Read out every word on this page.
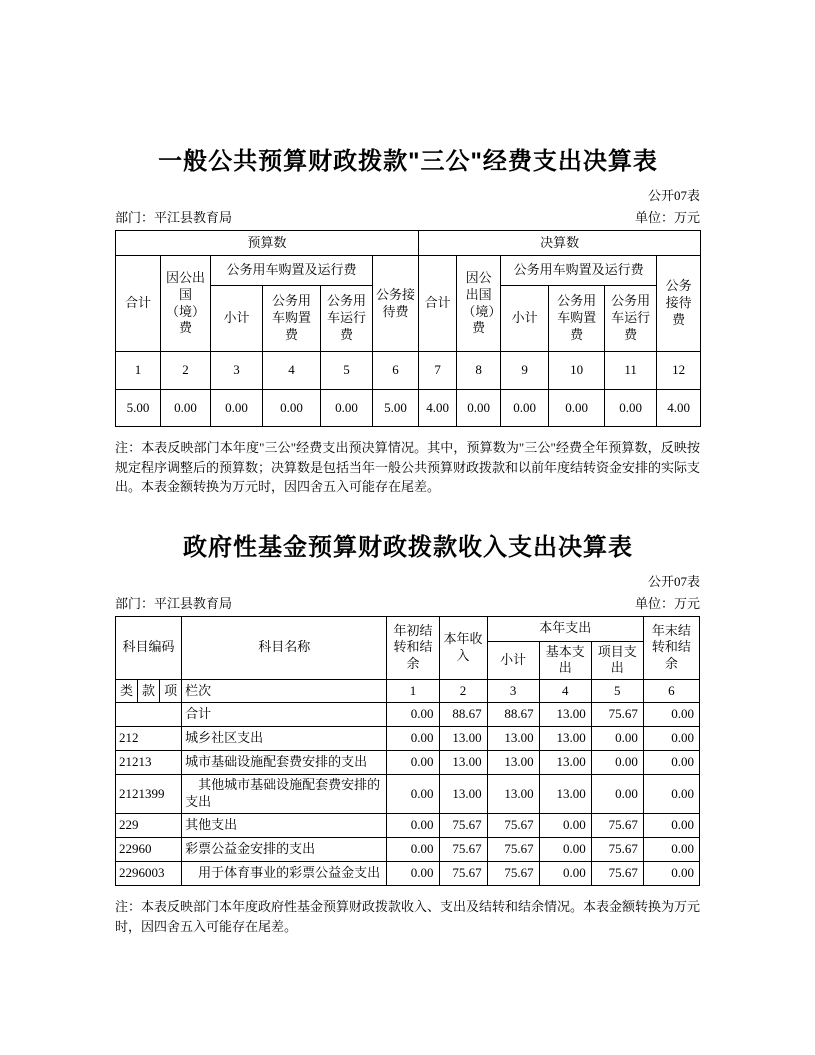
一般公共预算财政拨款"三公"经费支出决算表
公开07表
部门：平江县教育局	单位：万元
预算数						决算数					
合计	因公出国（境）费	公务用车购置及运行费			公务接待费	合计	因公出国（境）费	公务用车购置及运行费			公务接待费
		小计	公务用车购置费	公务用车运行费				小计	公务用车购置费	公务用车运行费	
1	2	3	4	5	6	7	8	9	10	11	12
5.00	0.00	0.00	0.00	0.00	5.00	4.00	0.00	0.00	0.00	0.00	4.00

注：本表反映部门本年度"三公"经费支出预决算情况。其中，预算数为"三公"经费全年预算数，反映按规定程序调整后的预算数；决算数是包括当年一般公共预算财政拨款和以前年度结转资金安排的实际支出。本表金额转换为万元时，因四舍五入可能存在尾差。

政府性基金预算财政拨款收入支出决算表
公开07表
部门：平江县教育局	单位：万元
科目编码			科目名称	年初结转和结余	本年收入	本年支出			年末结转和结余
						小计	基本支出	项目支出	
类	款	项	栏次	1	2	3	4	5	6
			合计	0.00	88.67	88.67	13.00	75.67	0.00
212			城乡社区支出	0.00	13.00	13.00	13.00	0.00	0.00
21213			城市基础设施配套费安排的支出	0.00	13.00	13.00	13.00	0.00	0.00
2121399			　其他城市基础设施配套费安排的支出	0.00	13.00	13.00	13.00	0.00	0.00
229			其他支出	0.00	75.67	75.67	0.00	75.67	0.00
22960			彩票公益金安排的支出	0.00	75.67	75.67	0.00	75.67	0.00
2296003			　用于体育事业的彩票公益金支出	0.00	75.67	75.67	0.00	75.67	0.00

注：本表反映部门本年度政府性基金预算财政拨款收入、支出及结转和结余情况。本表金额转换为万元时，因四舍五入可能存在尾差。
